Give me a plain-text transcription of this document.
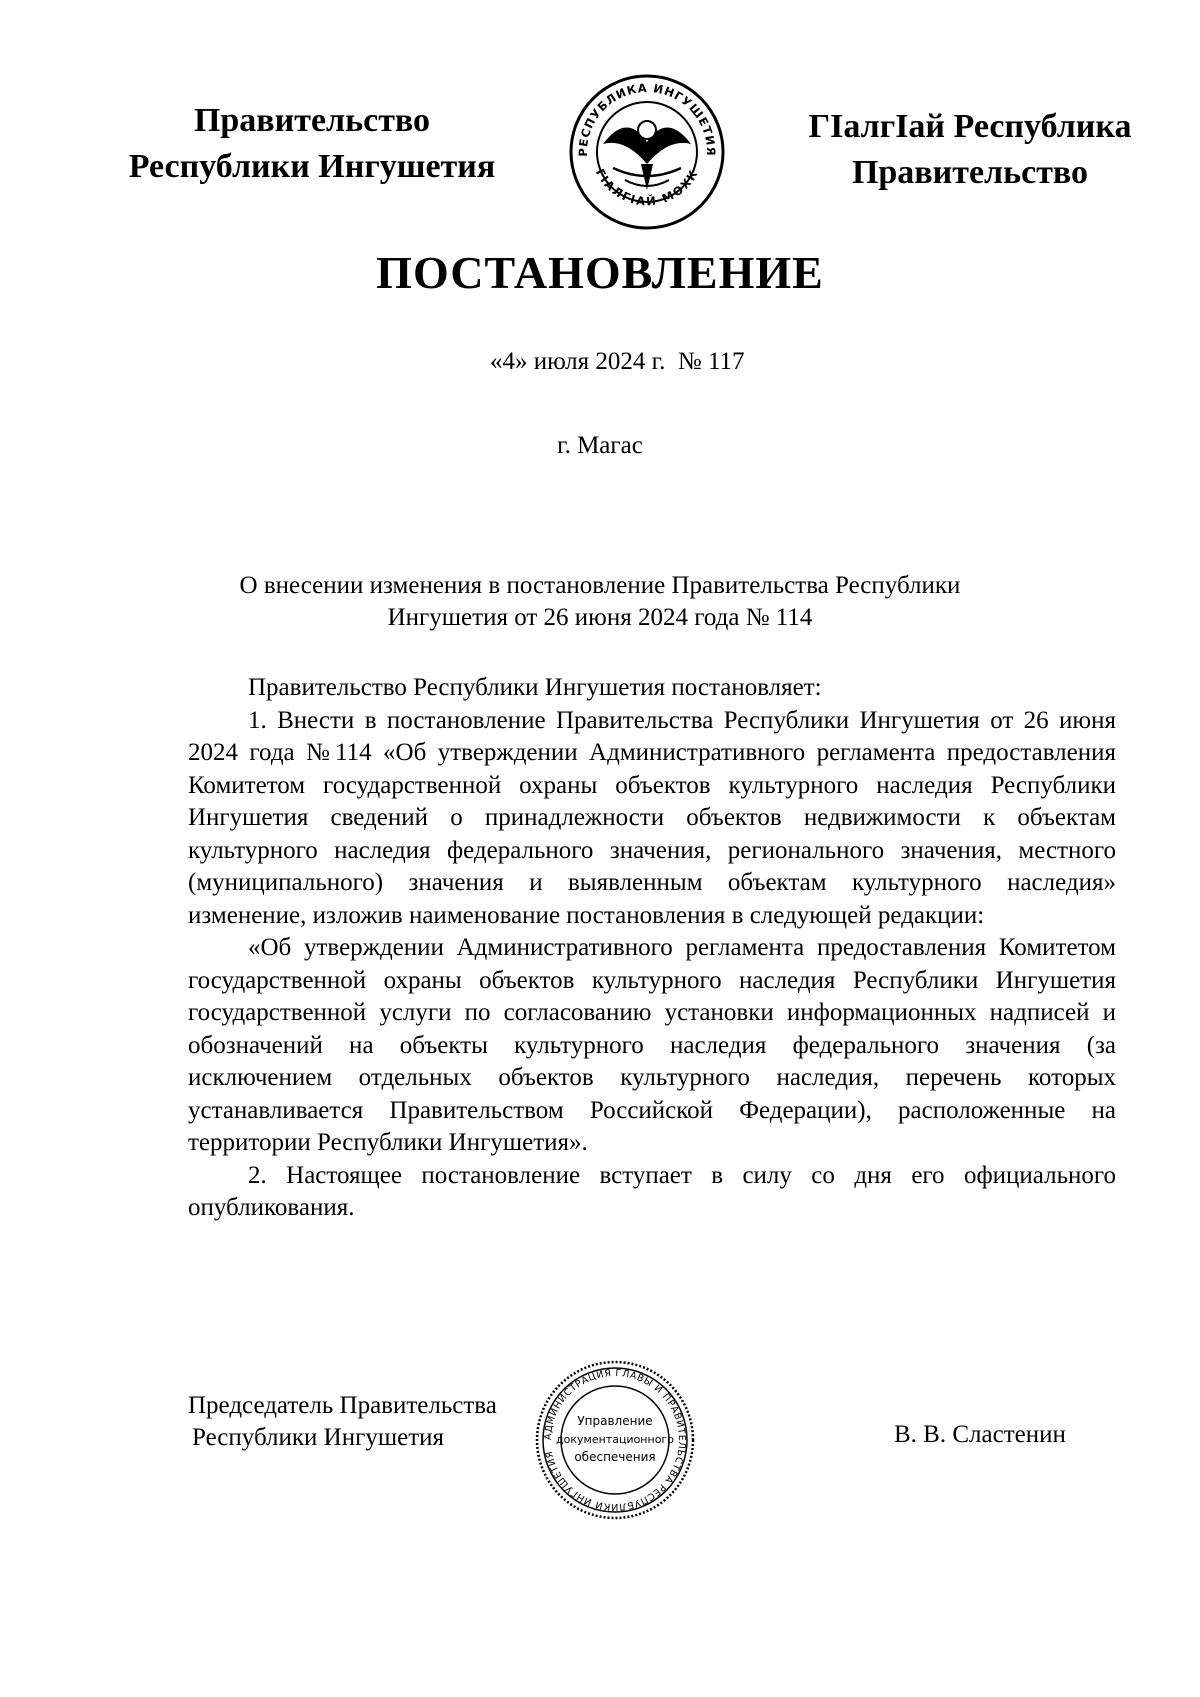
Правительство
Республики Ингушетия	РЕСПУБЛИКА ИНГУШЕТИЯ
ГIАЛГIАЙ МОХК
ГIалгIай Республика
Правительство
ПОСТАНОВЛЕНИЕ
«4» июля 2024 г.  № 117
г. Магас
О внесении изменения в постановление Правительства Республики
Ингушетия от 26 июня 2024 года № 114

Правительство Республики Ингушетия постановляет:

1. Внести в постановление Правительства Республики Ингушетия от 26 июня 2024 года №114 «Об утверждении Административного регламента предоставления Комитетом государственной охраны объектов культурного наследия Республики Ингушетия сведений о принадлежности объектов недвижимости к объектам культурного наследия федерального значения, регионального значения, местного (муниципального) значения и выявленным объектам культурного наследия» изменение, изложив наименование постановления в следующей редакции:

«Об утверждении Административного регламента предоставления Комитетом государственной охраны объектов культурного наследия Республики Ингушетия государственной услуги по согласованию установки информационных надписей и обозначений на объекты культурного наследия федерального значения (за исключением отдельных объектов культурного наследия, перечень которых устанавливается Правительством Российской Федерации), расположенные на территории Республики Ингушетия».

2. Настоящее постановление вступает в силу со дня его официального опубликования.

Председатель Правительства
Республики Ингушетия	АДМИНИСТРАЦИЯ ГЛАВЫ И ПРАВИТЕЛЬСТВА РЕСПУБЛИКИ ИНГУШЕТИЯ
Управление
документационного
обеспечения
В. В. Сластенин
